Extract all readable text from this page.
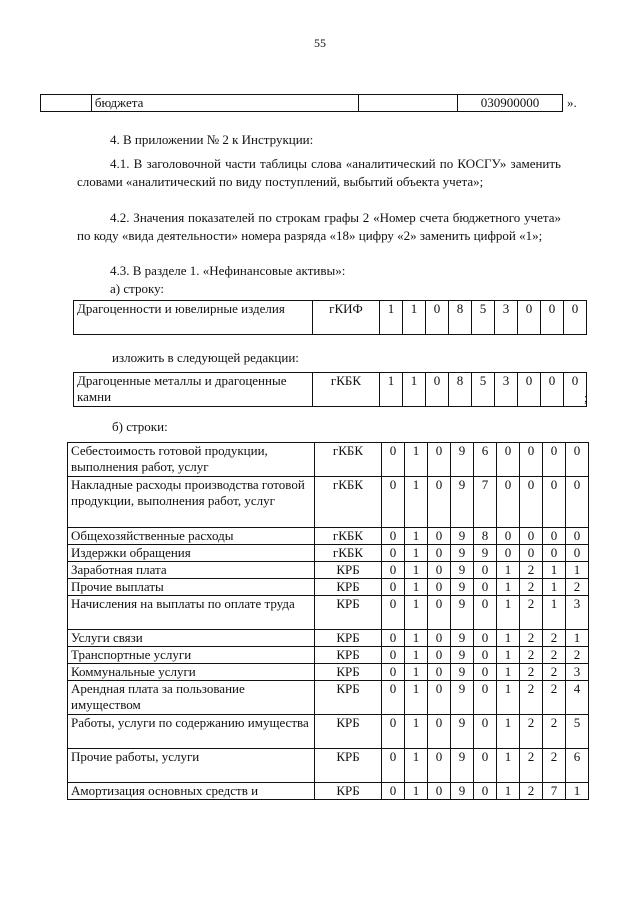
55
	бюджета		030900000 ».
4. В приложении № 2 к Инструкции:
4.1. В заголовочной части таблицы слова «аналитический по КОСГУ» заменить словами «аналитический по виду поступлений, выбытий объекта учета»;
4.2. Значения показателей по строкам графы 2 «Номер счета бюджетного учета» по коду «вида деятельности» номера разряда «18» цифру «2» заменить цифрой «1»;
4.3. В разделе 1. «Нефинансовые активы»:
а) строку:
Драгоценности и ювелирные изделия	гКИФ	1	1	0	8	5	3	0	0	0
изложить в следующей редакции:
Драгоценные металлы и драгоценные камни	гКБК	1	1	0	8	5	3	0	0	0
;
б) строки:
Себестоимость готовой продукции, выполнения работ, услуг	гКБК	0	1	0	9	6	0	0	0	0
Накладные расходы производства готовой продукции, выполнения работ, услуг	гКБК	0	1	0	9	7	0	0	0	0
Общехозяйственные расходы	гКБК	0	1	0	9	8	0	0	0	0
Издержки обращения	гКБК	0	1	0	9	9	0	0	0	0
Заработная плата	КРБ	0	1	0	9	0	1	2	1	1
Прочие выплаты	КРБ	0	1	0	9	0	1	2	1	2
Начисления на выплаты по оплате труда	КРБ	0	1	0	9	0	1	2	1	3
Услуги связи	КРБ	0	1	0	9	0	1	2	2	1
Транспортные услуги	КРБ	0	1	0	9	0	1	2	2	2
Коммунальные услуги	КРБ	0	1	0	9	0	1	2	2	3
Арендная плата за пользование имуществом	КРБ	0	1	0	9	0	1	2	2	4
Работы, услуги по содержанию имущества	КРБ	0	1	0	9	0	1	2	2	5
Прочие работы, услуги	КРБ	0	1	0	9	0	1	2	2	6
Амортизация основных средств и	КРБ	0	1	0	9	0	1	2	7	1
